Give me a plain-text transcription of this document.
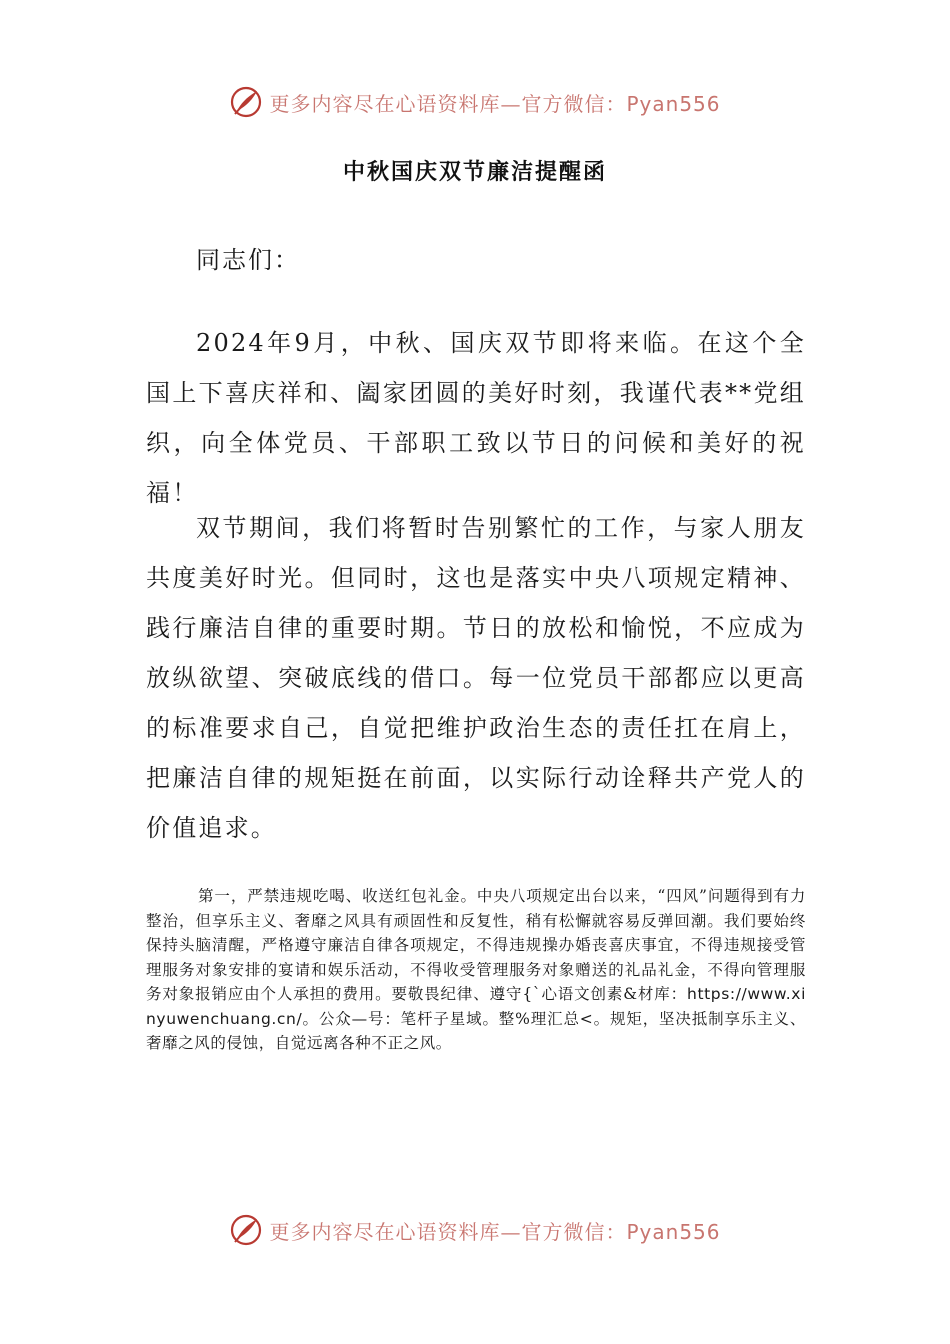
更多内容尽在心语资料库—官方微信：Pyan556
中秋国庆双节廉洁提醒函
同志们：

2024年9月，中秋、国庆双节即将来临。在这个全国上下喜庆祥和、阖家团圆的美好时刻，我谨代表**党组织，向全体党员、干部职工致以节日的问候和美好的祝福！

双节期间，我们将暂时告别繁忙的工作，与家人朋友共度美好时光。但同时，这也是落实中央八项规定精神、践行廉洁自律的重要时期。节日的放松和愉悦，不应成为放纵欲望、突破底线的借口。每一位党员干部都应以更高的标准要求自己，自觉把维护政治生态的责任扛在肩上，把廉洁自律的规矩挺在前面，以实际行动诠释共产党人的价值追求。

第一，严禁违规吃喝、收送红包礼金。中央八项规定出台以来，“四风”问题得到有力整治，但享乐主义、奢靡之风具有顽固性和反复性，稍有松懈就容易反弹回潮。我们要始终保持头脑清醒，严格遵守廉洁自律各项规定，不得违规操办婚丧喜庆事宜，不得违规接受管理服务对象安排的宴请和娱乐活动，不得收受管理服务对象赠送的礼品礼金，不得向管理服务对象报销应由个人承担的费用。要敬畏纪律、遵守{`心语文创素&材库：https://www.xinyuwenchuang.cn/。公众—号：笔杆子星域。整%理汇总<。规矩，坚决抵制享乐主义、奢靡之风的侵蚀，自觉远离各种不正之风。

更多内容尽在心语资料库—官方微信：Pyan556
